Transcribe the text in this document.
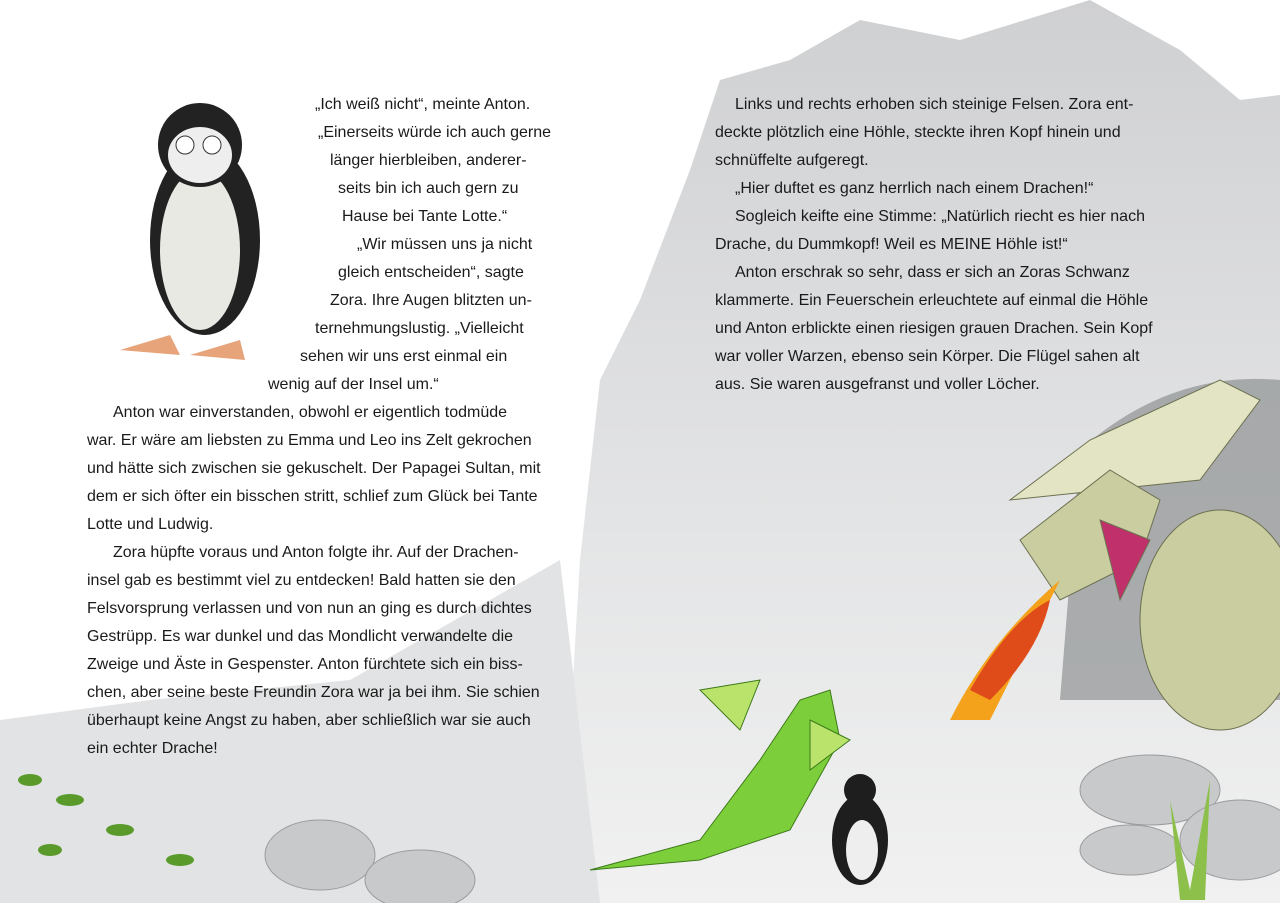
„Ich weiß nicht“, meinte Anton.
„Einerseits würde ich auch gerne
länger hierbleiben, anderer-
seits bin ich auch gern zu
Hause bei Tante Lotte.“
„Wir müssen uns ja nicht
gleich entscheiden“, sagte
Zora. Ihre Augen blitzten un-
ternehmungslustig. „Vielleicht
sehen wir uns erst einmal ein
wenig auf der Insel um.“
Anton war einverstanden, obwohl er eigentlich todmüde
war. Er wäre am liebsten zu Emma und Leo ins Zelt gekrochen
und hätte sich zwischen sie gekuschelt. Der Papagei Sultan, mit
dem er sich öfter ein bisschen stritt, schlief zum Glück bei Tante
Lotte und Ludwig.
Zora hüpfte voraus und Anton folgte ihr. Auf der Drachen-
insel gab es bestimmt viel zu entdecken! Bald hatten sie den
Felsvorsprung verlassen und von nun an ging es durch dichtes
Gestrüpp. Es war dunkel und das Mondlicht verwandelte die
Zweige und Äste in Gespenster. Anton fürchtete sich ein biss-
chen, aber seine beste Freundin Zora war ja bei ihm. Sie schien
überhaupt keine Angst zu haben, aber schließlich war sie auch
ein echter Drache!
Links und rechts erhoben sich steinige Felsen. Zora ent-
deckte plötzlich eine Höhle, steckte ihren Kopf hinein und
schnüffelte aufgeregt.
„Hier duftet es ganz herrlich nach einem Drachen!“
Sogleich keifte eine Stimme: „Natürlich riecht es hier nach
Drache, du Dummkopf! Weil es MEINE Höhle ist!“
Anton erschrak so sehr, dass er sich an Zoras Schwanz
klammerte. Ein Feuerschein erleuchtete auf einmal die Höhle
und Anton erblickte einen riesigen grauen Drachen. Sein Kopf
war voller Warzen, ebenso sein Körper. Die Flügel sahen alt
aus. Sie waren ausgefranst und voller Löcher.
